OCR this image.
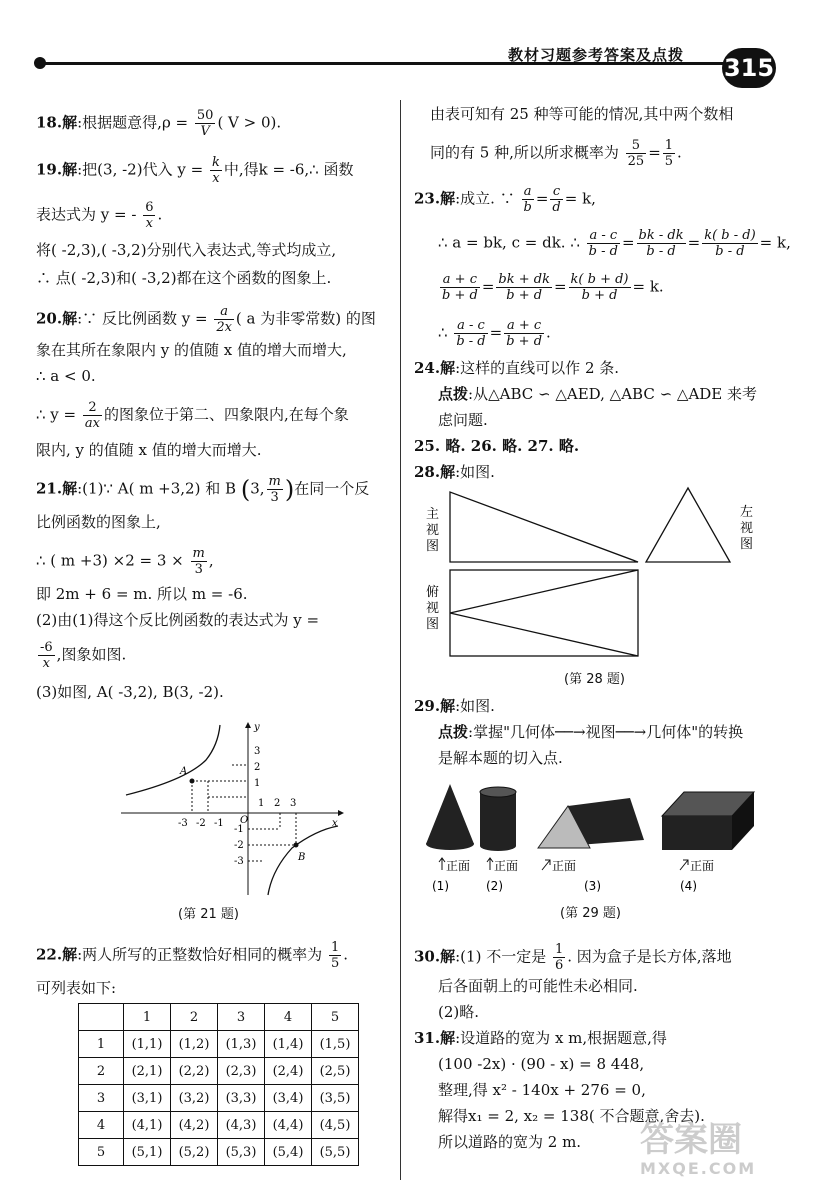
教材习题参考答案及点拨 315

18.解:根据题意得$,\rho = \frac{50}{V}$ ( V > 0).

19.解:把(3, -2)代入 $y = \frac{k}{x}$ 中,得k = -6,∴ 函数

表达式为 y = - $\frac{6}{x}$ .

将( -2,3),( -3,2)分别代入表达式,等式均成立,

∴ 点( -2,3)和( -3,2)都在这个函数的图象上.

20.解:∵ 反比例函数 $y = \frac{a}{2x}$ ( a 为非零常数) 的图

象在其所在象限内 y 的值随 x 值的增大而增大,

∴ a < 0.

∴ $y = \frac{2}{ax}$ 的图象位于第二、四象限内,在每个象

限内, y 的值随 x 值的增大而增大.

21.解:(1)∵ A( m +3,2) 和 B (3, $\frac{m}{3}$ )在同一个反

比例函数的图象上,

∴ ( $m +3) \times 2 = 3 \times \frac{m}{3}$ ,

即 2m + 6 = m. 所以 m = -6.

(2)由(1)得这个反比例函数的表达式为 y =

$\frac{-6}{x}$ ,图象如图.

(3)如图, A( -3,2), B(3, -2).

y
x
O
3
2
1
-1
-2
-3
-3 -2 -1
1 2 3
A
B
(第 21 题)

22.解:两人所写的正整数恰好相同的概率为 $\frac{1}{5}$ .

可列表如下:

	1	2	3	4	5
1	(1,1)	(1,2)	(1,3)	(1,4)	(1,5)
2	(2,1)	(2,2)	(2,3)	(2,4)	(2,5)
3	(3,1)	(3,2)	(3,3)	(3,4)	(3,5)
4	(4,1)	(4,2)	(4,3)	(4,4)	(4,5)
5	(5,1)	(5,2)	(5,3)	(5,4)	(5,5)

由表可知有 25 种等可能的情况,其中两个数相

同的有 5 种,所以所求概率为 $\frac{5}{25} = \frac{1}{5}$ .

23.解:成立. ∵ $\frac{a}{b} = \frac{c}{d} = k$,

∴ a = bk, c = dk. ∴ $\frac{a - c}{b - d} = \frac{bk - dk}{b - d} = \frac{k( b - d)}{b - d} = k$,

$\frac{a + c}{b + d} = \frac{bk + dk}{b + d} = \frac{k( b + d)}{b + d} = k$.

∴ $\frac{a - c}{b - d} = \frac{a + c}{b + d}$ .

24.解:这样的直线可以作 2 条.

点拨:从△ABC ∽ △AED, △ABC ∽ △ADE 来考

虑问题.

25. 略. 26. 略. 27. 略.

28.解:如图.

主
视
图
左
视
图
俯
视
图
(第 28 题)

29.解:如图.

点拨:掌握"几何体──→视图──→几何体"的转换

是解本题的切入点.

正面 正面	正面	正面
(1)	(2)	(3)	(4)
(第 29 题)

30.解:(1) 不一定是 $\frac{1}{6}$ . 因为盒子是长方体,落地

后各面朝上的可能性未必相同.

(2)略.

31.解:设道路的宽为 x m,根据题意,得

(100 -2x) · (90 - x) = 8 448,

整理,得 x² - 140x + 276 = 0,

解得x₁ = 2, x₂ = 138( 不合题意,舍去).

所以道路的宽为 2 m. 答案圈
MXQE.COM
